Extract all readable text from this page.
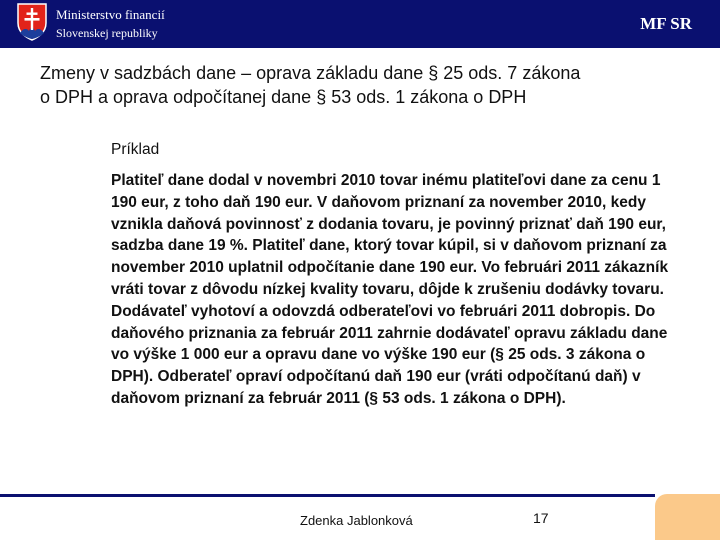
Ministerstvo financií
Slovenskej republiky	MF SR
Zmeny v sadzbách dane – oprava základu dane § 25 ods. 7 zákona
o DPH a oprava odpočítanej dane § 53 ods. 1 zákona o DPH
Príklad

Platiteľ dane dodal v novembri 2010 tovar inému platiteľovi dane za cenu 1 190 eur, z toho daň 190 eur. V daňovom priznaní za november 2010, kedy vznikla daňová povinnosť z dodania tovaru, je povinný priznať daň 190 eur, sadzba dane 19 %. Platiteľ dane, ktorý tovar kúpil, si v daňovom priznaní za november 2010 uplatnil odpočítanie dane 190 eur. Vo februári 2011 zákazník vráti tovar z dôvodu nízkej kvality tovaru, dôjde k zrušeniu dodávky tovaru.

Dodávateľ vyhotoví a odovzdá odberateľovi vo februári 2011 dobropis. Do daňového priznania za február 2011 zahrnie dodávateľ opravu základu dane vo výške 1 000 eur a opravu dane vo výške 190 eur (§ 25 ods. 3 zákona o DPH). Odberateľ opraví odpočítanú daň 190 eur (vráti odpočítanú daň) v daňovom priznaní za február 2011 (§ 53 ods. 1 zákona o DPH).

Zdenka Jablonková	17
